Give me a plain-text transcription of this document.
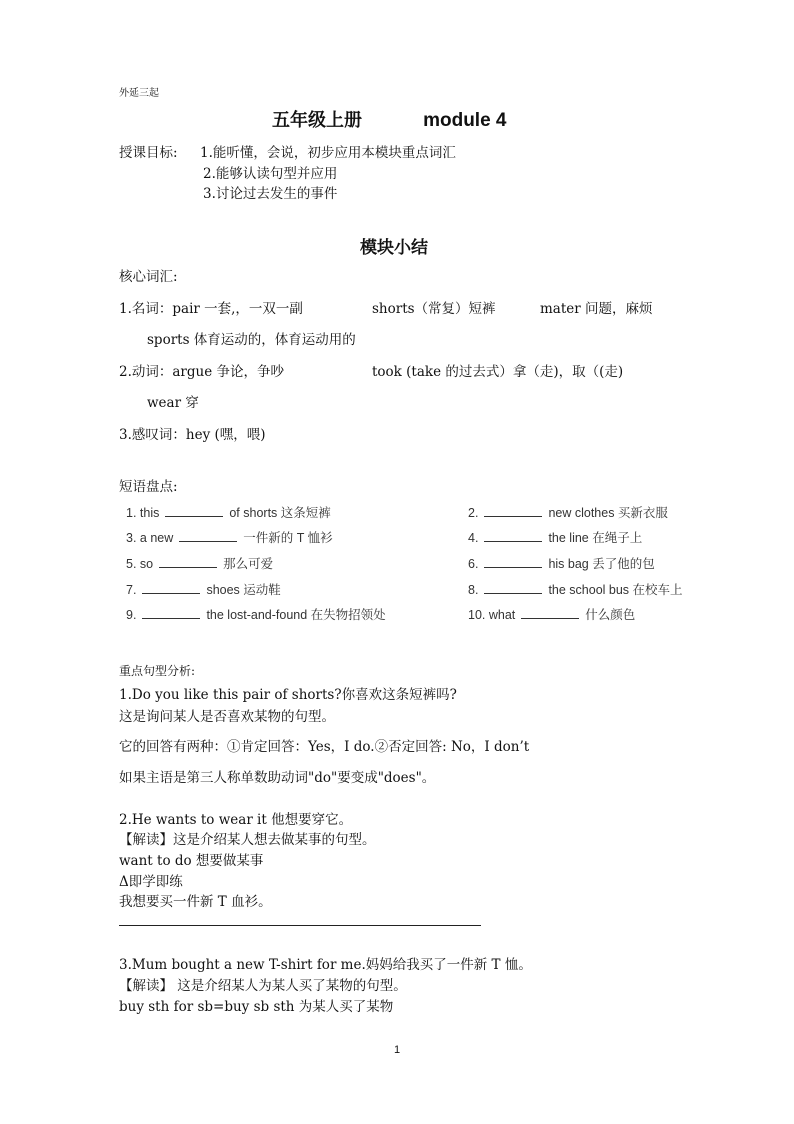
外延三起
五年级上册	module 4
授课目标: 1.能听懂，会说，初步应用本模块重点词汇
2.能够认读句型并应用
3.讨论过去发生的事件
模块小结
核心词汇:
1.名词：pair 一套,，一双一副	shorts（常复）短裤	mater 问题，麻烦
sports 体育运动的，体育运动用的
2.动词：argue 争论，争吵	took (take 的过去式）拿（走)，取（(走)
wear 穿
3.感叹词：hey (嘿，喂)
短语盘点:
1. this	of shorts 这条短裤	2.	new clothes 买新衣服
3. a new	一件新的 T 恤衫	4.	the line 在绳子上
5. so	那么可爱	6.	his bag 丢了他的包
7.	shoes 运动鞋	8.	the school bus 在校车上
9.	the lost-and-found 在失物招领处	10. what	什么颜色
重点句型分析:
1.Do you like this pair of shorts?你喜欢这条短裤吗?
这是询问某人是否喜欢某物的句型。
它的回答有两种：①肯定回答：Yes，I do.②否定回答: No，I don’t
如果主语是第三人称单数助动词"do"要变成"does"。
2.He wants to wear it 他想要穿它。
【解读】这是介绍某人想去做某事的句型。
want to do 想要做某事
Δ即学即练
我想要买一件新 T 血衫。
3.Mum bought a new T-shirt for me.妈妈给我买了一件新 T 恤。
【解读】 这是介绍某人为某人买了某物的句型。
buy sth for sb=buy sb sth 为某人买了某物
1
